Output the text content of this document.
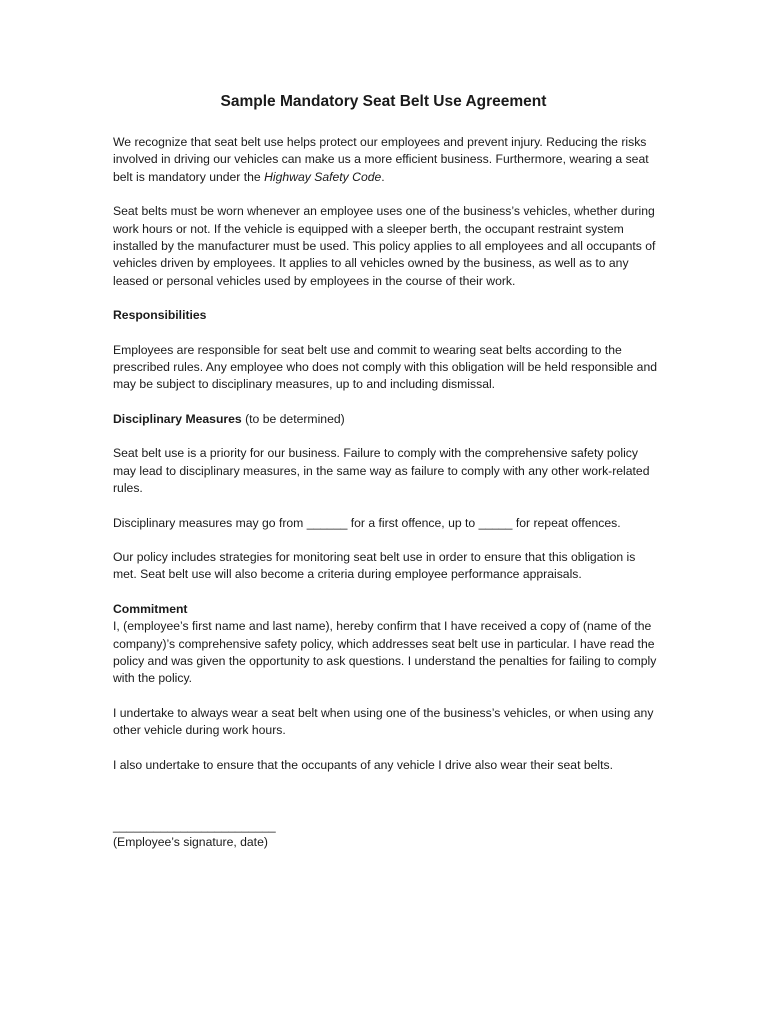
Sample Mandatory Seat Belt Use Agreement

We recognize that seat belt use helps protect our employees and prevent injury. Reducing the risks involved in driving our vehicles can make us a more efficient business. Furthermore, wearing a seat belt is mandatory under the Highway Safety Code.

Seat belts must be worn whenever an employee uses one of the business’s vehicles, whether during work hours or not. If the vehicle is equipped with a sleeper berth, the occupant restraint system installed by the manufacturer must be used. This policy applies to all employees and all occupants of vehicles driven by employees. It applies to all vehicles owned by the business, as well as to any leased or personal vehicles used by employees in the course of their work.

Responsibilities

Employees are responsible for seat belt use and commit to wearing seat belts according to the prescribed rules. Any employee who does not comply with this obligation will be held responsible and may be subject to disciplinary measures, up to and including dismissal.

Disciplinary Measures (to be determined)

Seat belt use is a priority for our business. Failure to comply with the comprehensive safety policy may lead to disciplinary measures, in the same way as failure to comply with any other work-related rules.

Disciplinary measures may go from ______ for a first offence, up to _____ for repeat offences.

Our policy includes strategies for monitoring seat belt use in order to ensure that this obligation is met. Seat belt use will also become a criteria during employee performance appraisals.

Commitment
I, (employee’s first name and last name), hereby confirm that I have received a copy of (name of the company)’s comprehensive safety policy, which addresses seat belt use in particular. I have read the policy and was given the opportunity to ask questions. I understand the penalties for failing to comply with the policy.

I undertake to always wear a seat belt when using one of the business’s vehicles, or when using any other vehicle during work hours.

I also undertake to ensure that the occupants of any vehicle I drive also wear their seat belts.

________________________
(Employee’s signature, date)
